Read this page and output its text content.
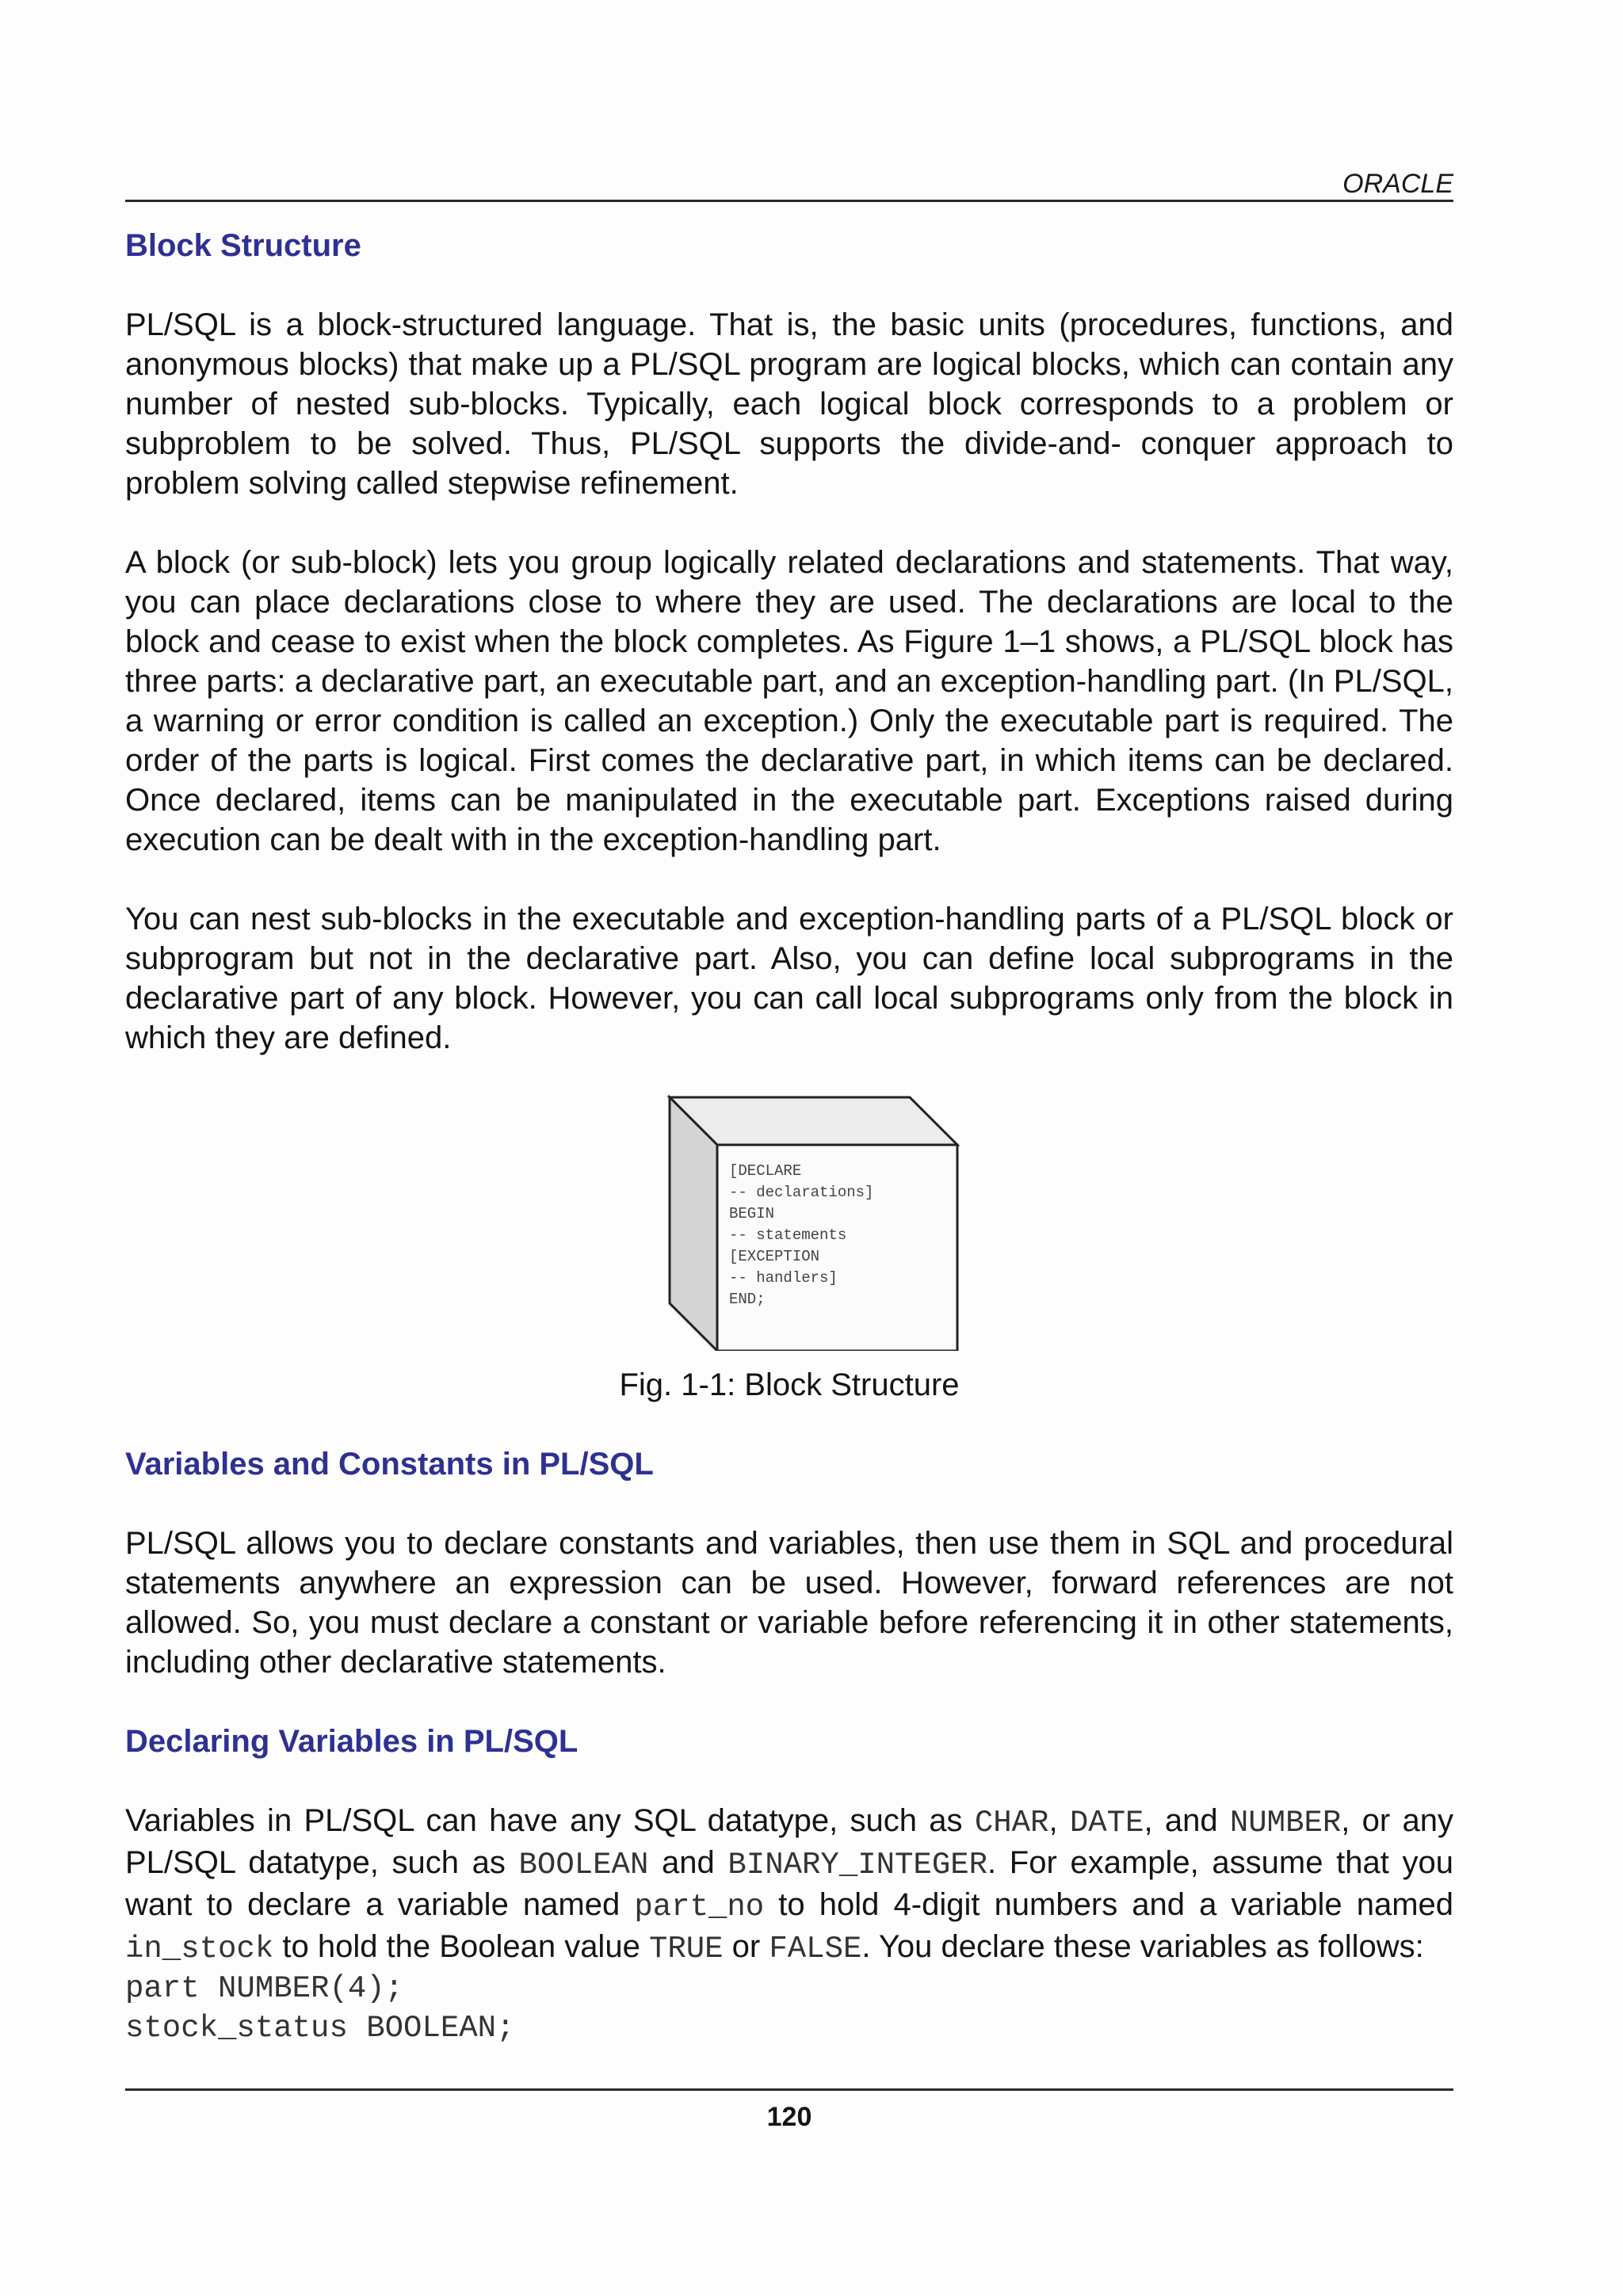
ORACLE
Block Structure

PL/SQL is a block-structured language. That is, the basic units (procedures, functions, and anonymous blocks) that make up a PL/SQL program are logical blocks, which can contain any number of nested sub-blocks. Typically, each logical block corresponds to a problem or subproblem to be solved. Thus, PL/SQL supports the divide-and- conquer approach to problem solving called stepwise refinement.

A block (or sub-block) lets you group logically related declarations and statements. That way, you can place declarations close to where they are used. The declarations are local to the block and cease to exist when the block completes. As Figure 1–1 shows, a PL/SQL block has three parts: a declarative part, an executable part, and an exception-handling part. (In PL/SQL, a warning or error condition is called an exception.) Only the executable part is required. The order of the parts is logical. First comes the declarative part, in which items can be declared. Once declared, items can be manipulated in the executable part. Exceptions raised during execution can be dealt with in the exception-handling part.

You can nest sub-blocks in the executable and exception-handling parts of a PL/SQL block or subprogram but not in the declarative part. Also, you can define local subprograms in the declarative part of any block. However, you can call local subprograms only from the block in which they are defined.

[DECLARE
-- declarations]
BEGIN
-- statements
[EXCEPTION
-- handlers]
END;

Fig. 1-1: Block Structure

Variables and Constants in PL/SQL

PL/SQL allows you to declare constants and variables, then use them in SQL and procedural statements anywhere an expression can be used. However, forward references are not allowed. So, you must declare a constant or variable before referencing it in other statements, including other declarative statements.

Declaring Variables in PL/SQL

Variables in PL/SQL can have any SQL datatype, such as CHAR, DATE, and NUMBER, or any PL/SQL datatype, such as BOOLEAN and BINARY_INTEGER. For example, assume that you want to declare a variable named part_no to hold 4-digit numbers and a variable named in_stock to hold the Boolean value TRUE or FALSE. You declare these variables as follows:

part NUMBER(4);
stock_status BOOLEAN;
120
